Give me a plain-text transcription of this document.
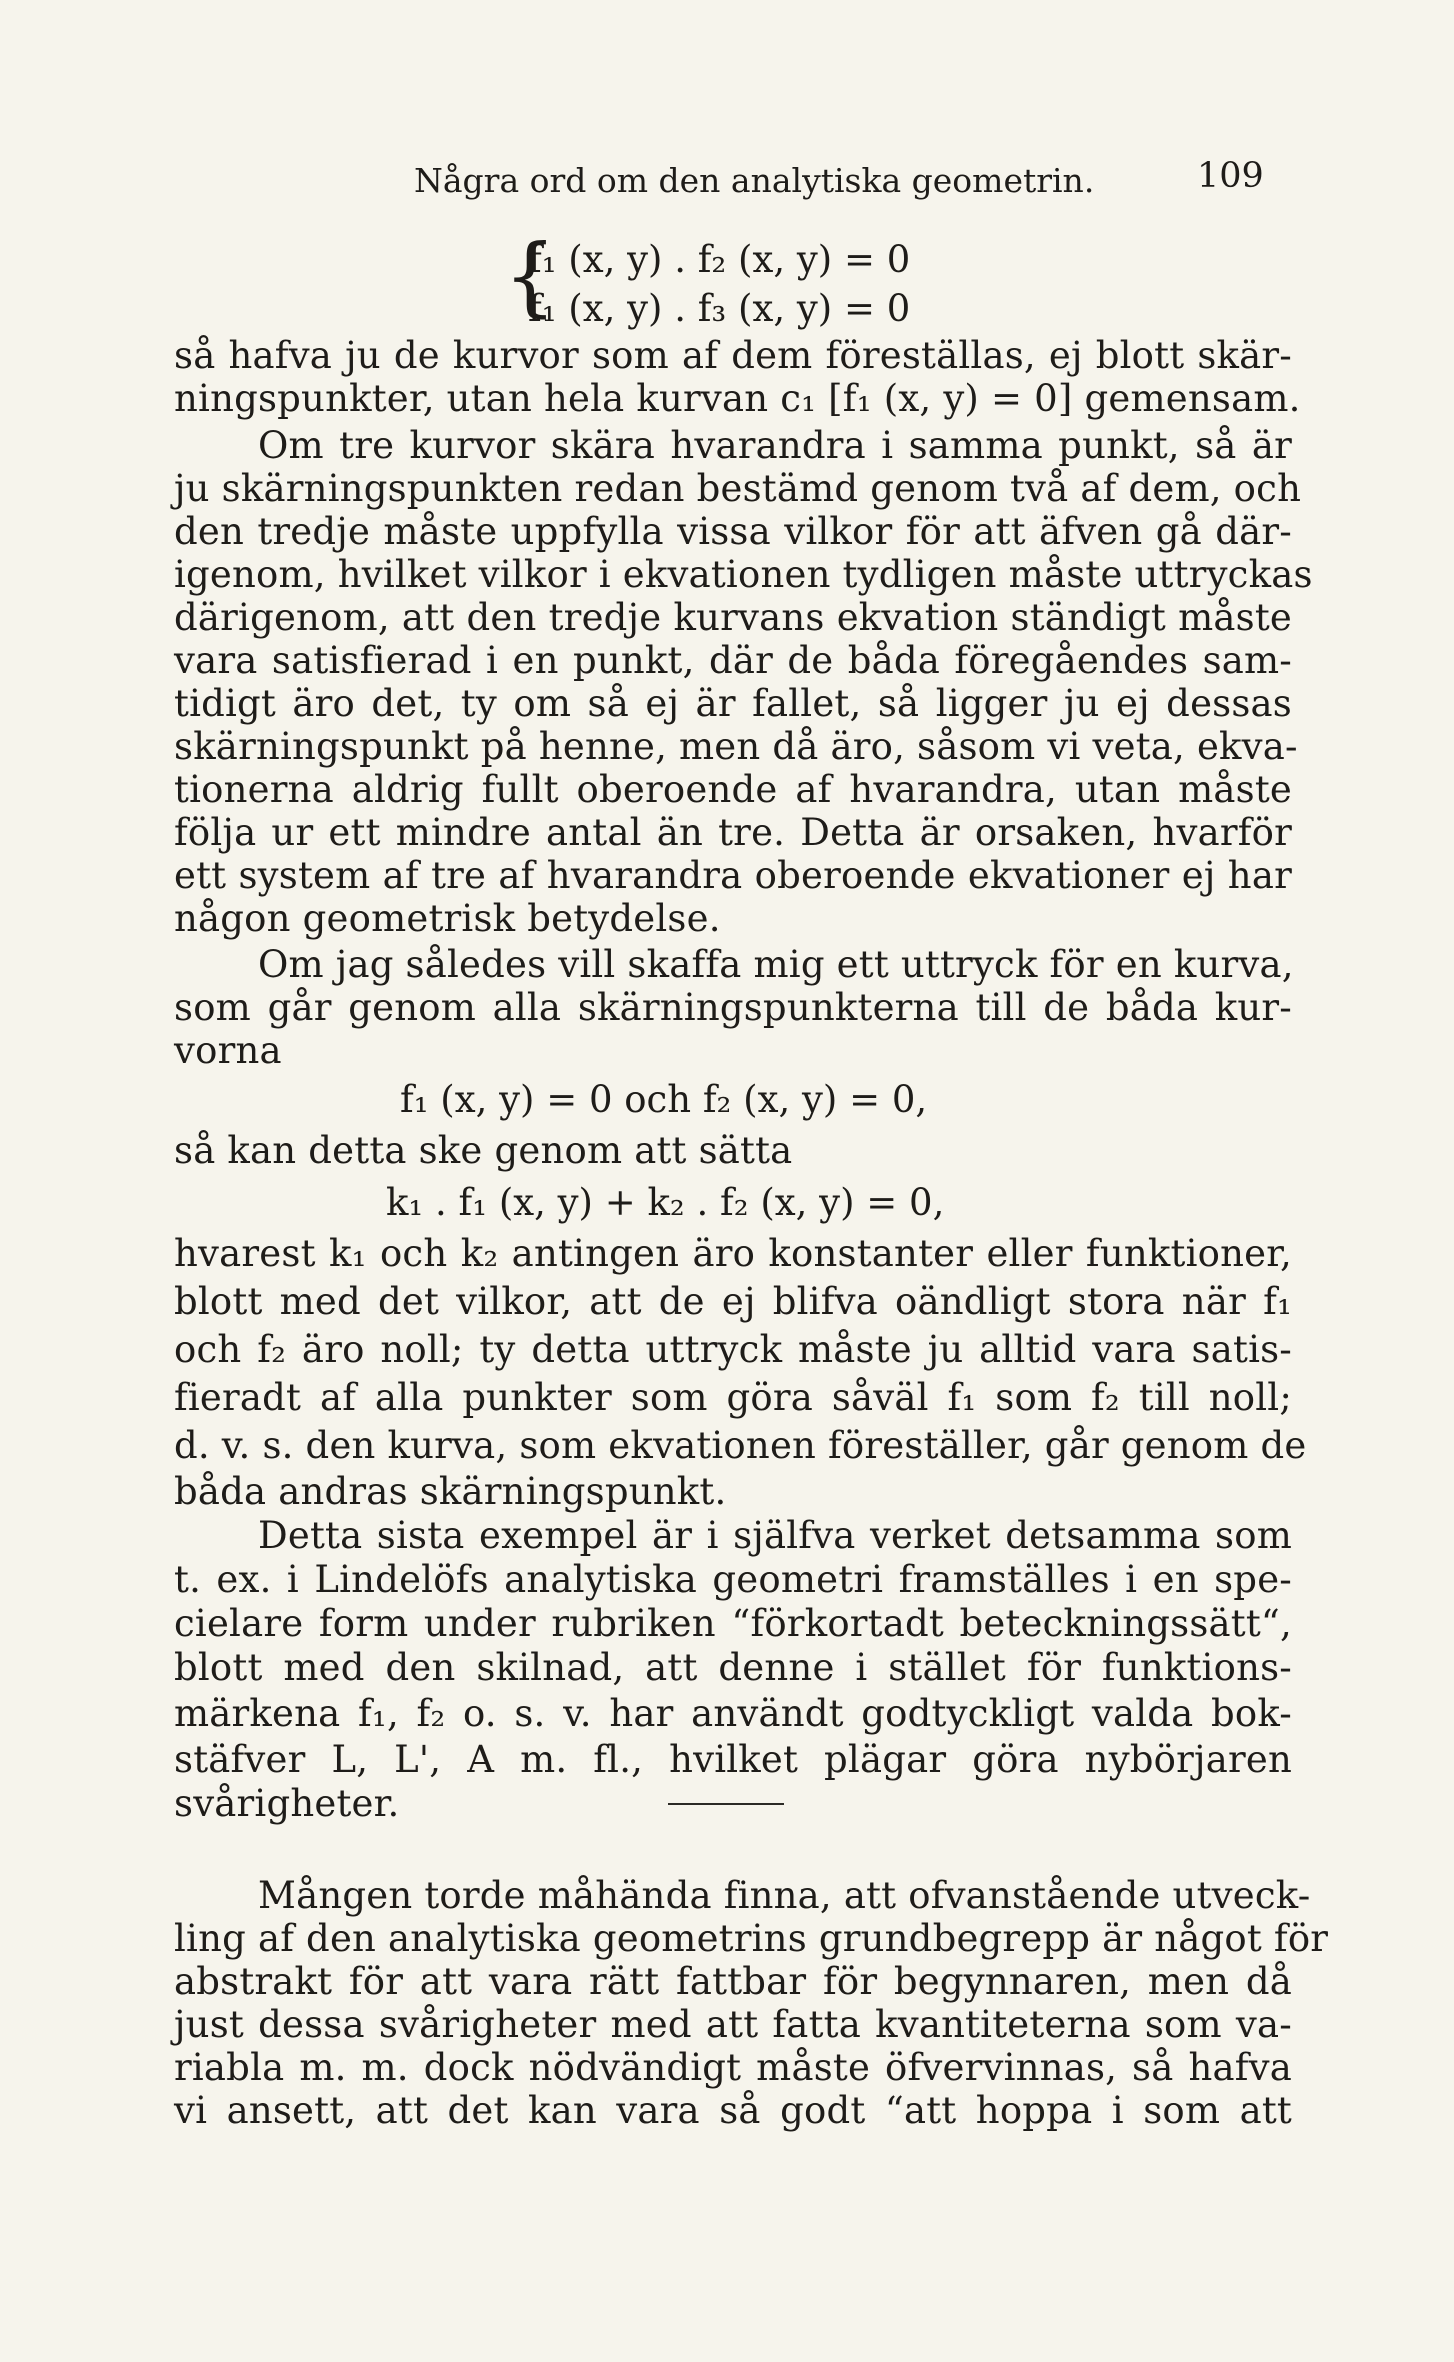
Några ord om den analytiska geometrin.	109
{
f₁ (x, y) . f₂ (x, y) = 0
f₁ (x, y) . f₃ (x, y) = 0
så hafva ju de kurvor som af dem föreställas, ej blott skär-
ningspunkter, utan hela kurvan c₁ [f₁ (x, y) = 0] gemensam.
Om tre kurvor skära hvarandra i samma punkt, så är
ju skärningspunkten redan bestämd genom två af dem, och
den tredje måste uppfylla vissa vilkor för att äfven gå där-
igenom, hvilket vilkor i ekvationen tydligen måste uttryckas
därigenom, att den tredje kurvans ekvation ständigt måste
vara satisfierad i en punkt, där de båda föregåendes sam-
tidigt äro det, ty om så ej är fallet, så ligger ju ej dessas
skärningspunkt på henne, men då äro, såsom vi veta, ekva-
tionerna aldrig fullt oberoende af hvarandra, utan måste
följa ur ett mindre antal än tre. Detta är orsaken, hvarför
ett system af tre af hvarandra oberoende ekvationer ej har
någon geometrisk betydelse.
Om jag således vill skaffa mig ett uttryck för en kurva,
som går genom alla skärningspunkterna till de båda kur-
vorna
f₁ (x, y) = 0 och f₂ (x, y) = 0,
så kan detta ske genom att sätta
k₁ . f₁ (x, y) + k₂ . f₂ (x, y) = 0,
hvarest k₁ och k₂ antingen äro konstanter eller funktioner,
blott med det vilkor, att de ej blifva oändligt stora när f₁
och f₂ äro noll; ty detta uttryck måste ju alltid vara satis-
fieradt af alla punkter som göra såväl f₁ som f₂ till noll;
d. v. s. den kurva, som ekvationen föreställer, går genom de
båda andras skärningspunkt.
Detta sista exempel är i själfva verket detsamma som
t. ex. i Lindelöfs analytiska geometri framställes i en spe-
cielare form under rubriken “förkortadt beteckningssätt“,
blott med den skilnad, att denne i stället för funktions-
märkena f₁, f₂ o. s. v. har användt godtyckligt valda bok-
stäfver L, L', A m. fl., hvilket plägar göra nybörjaren
svårigheter.
Mången torde måhända finna, att ofvanstående utveck-
ling af den analytiska geometrins grundbegrepp är något för
abstrakt för att vara rätt fattbar för begynnaren, men då
just dessa svårigheter med att fatta kvantiteterna som va-
riabla m. m. dock nödvändigt måste öfvervinnas, så hafva
vi ansett, att det kan vara så godt “att hoppa i som att
